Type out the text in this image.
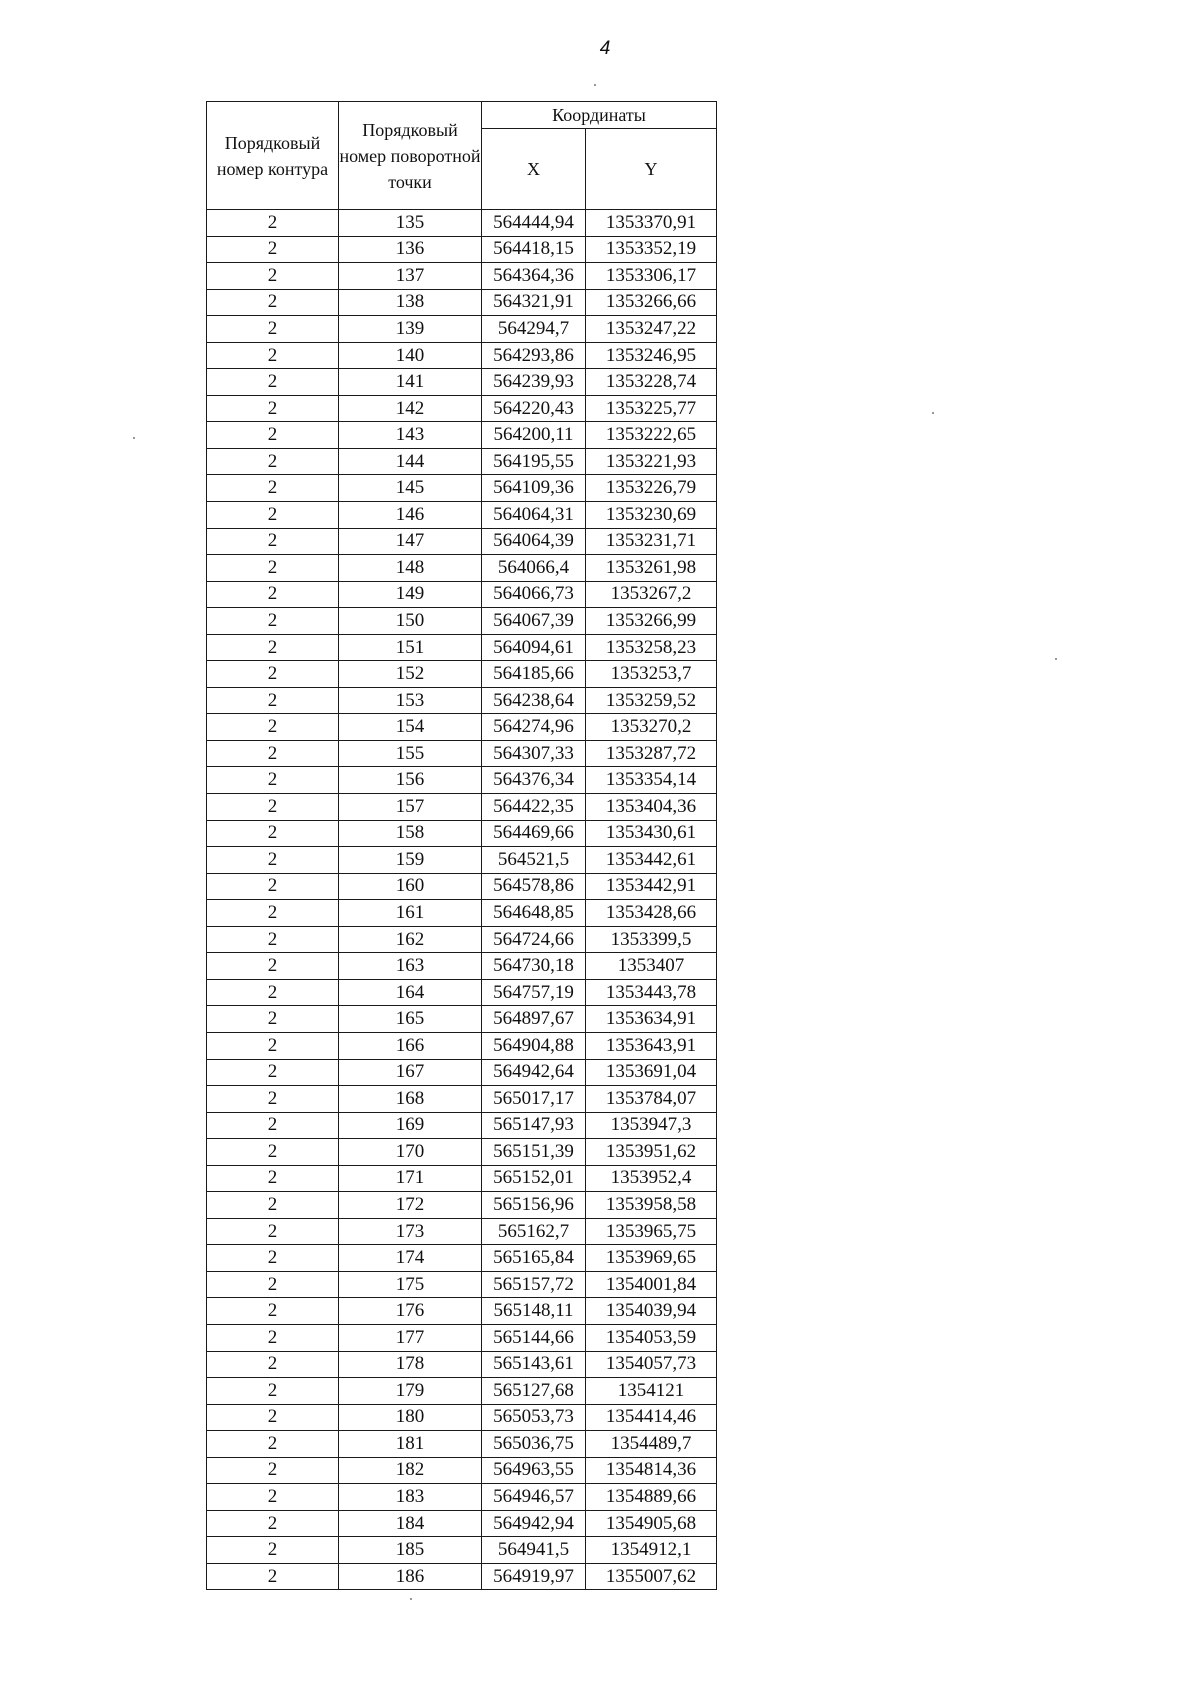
4
Порядковый номер контура	Порядковый номер поворотной точки	Координаты	
		X	Y
2	135	564444,94	1353370,91
2	136	564418,15	1353352,19
2	137	564364,36	1353306,17
2	138	564321,91	1353266,66
2	139	564294,7	1353247,22
2	140	564293,86	1353246,95
2	141	564239,93	1353228,74
2	142	564220,43	1353225,77
2	143	564200,11	1353222,65
2	144	564195,55	1353221,93
2	145	564109,36	1353226,79
2	146	564064,31	1353230,69
2	147	564064,39	1353231,71
2	148	564066,4	1353261,98
2	149	564066,73	1353267,2
2	150	564067,39	1353266,99
2	151	564094,61	1353258,23
2	152	564185,66	1353253,7
2	153	564238,64	1353259,52
2	154	564274,96	1353270,2
2	155	564307,33	1353287,72
2	156	564376,34	1353354,14
2	157	564422,35	1353404,36
2	158	564469,66	1353430,61
2	159	564521,5	1353442,61
2	160	564578,86	1353442,91
2	161	564648,85	1353428,66
2	162	564724,66	1353399,5
2	163	564730,18	1353407
2	164	564757,19	1353443,78
2	165	564897,67	1353634,91
2	166	564904,88	1353643,91
2	167	564942,64	1353691,04
2	168	565017,17	1353784,07
2	169	565147,93	1353947,3
2	170	565151,39	1353951,62
2	171	565152,01	1353952,4
2	172	565156,96	1353958,58
2	173	565162,7	1353965,75
2	174	565165,84	1353969,65
2	175	565157,72	1354001,84
2	176	565148,11	1354039,94
2	177	565144,66	1354053,59
2	178	565143,61	1354057,73
2	179	565127,68	1354121
2	180	565053,73	1354414,46
2	181	565036,75	1354489,7
2	182	564963,55	1354814,36
2	183	564946,57	1354889,66
2	184	564942,94	1354905,68
2	185	564941,5	1354912,1
2	186	564919,97	1355007,62
